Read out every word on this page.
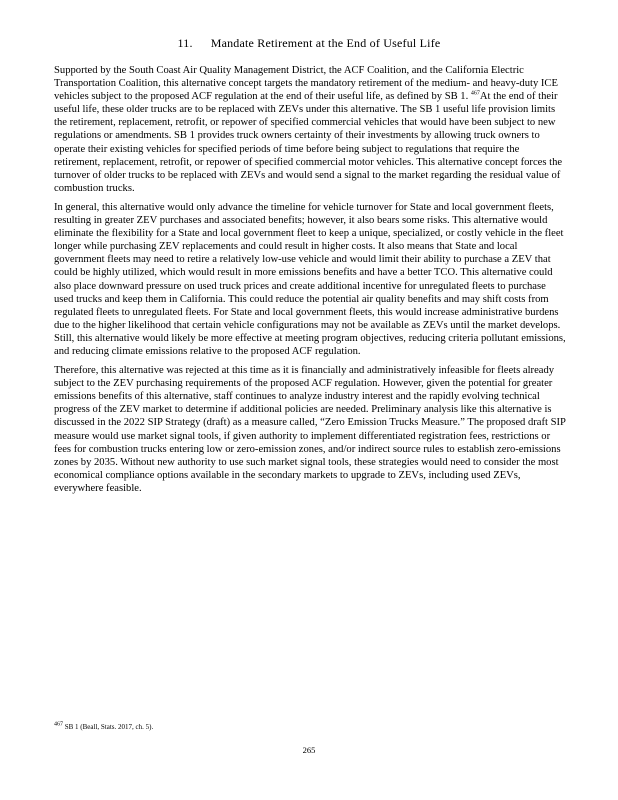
11. Mandate Retirement at the End of Useful Life

Supported by the South Coast Air Quality Management District, the ACF Coalition, and the California Electric Transportation Coalition, this alternative concept targets the mandatory retirement of the medium- and heavy-duty ICE vehicles subject to the proposed ACF regulation at the end of their useful life, as defined by SB 1. $^{467}$At the end of their useful life, these older trucks are to be replaced with ZEVs under this alternative. The SB 1 useful life provision limits the retirement, replacement, retrofit, or repower of specified commercial vehicles that would have been subject to new regulations or amendments. SB 1 provides truck owners certainty of their investments by allowing truck owners to operate their existing vehicles for specified periods of time before being subject to regulations that require the retirement, replacement, retrofit, or repower of specified commercial motor vehicles. This alternative concept forces the turnover of older trucks to be replaced with ZEVs and would send a signal to the market regarding the residual value of combustion trucks.

In general, this alternative would only advance the timeline for vehicle turnover for State and local government fleets, resulting in greater ZEV purchases and associated benefits; however, it also bears some risks. This alternative would eliminate the flexibility for a State and local government fleet to keep a unique, specialized, or costly vehicle in the fleet longer while purchasing ZEV replacements and could result in higher costs. It also means that State and local government fleets may need to retire a relatively low-use vehicle and would limit their ability to purchase a ZEV that could be highly utilized, which would result in more emissions benefits and have a better TCO. This alternative could also place downward pressure on used truck prices and create additional incentive for unregulated fleets to purchase used trucks and keep them in California. This could reduce the potential air quality benefits and may shift costs from regulated fleets to unregulated fleets. For State and local government fleets, this would increase administrative burdens due to the higher likelihood that certain vehicle configurations may not be available as ZEVs until the market develops. Still, this alternative would likely be more effective at meeting program objectives, reducing criteria pollutant emissions, and reducing climate emissions relative to the proposed ACF regulation.

Therefore, this alternative was rejected at this time as it is financially and administratively infeasible for fleets already subject to the ZEV purchasing requirements of the proposed ACF regulation. However, given the potential for greater emissions benefits of this alternative, staff continues to analyze industry interest and the rapidly evolving technical progress of the ZEV market to determine if additional policies are needed. Preliminary analysis like this alternative is discussed in the 2022 SIP Strategy (draft) as a measure called, “Zero Emission Trucks Measure.” The proposed draft SIP measure would use market signal tools, if given authority to implement differentiated registration fees, restrictions or fees for combustion trucks entering low or zero-emission zones, and/or indirect source rules to establish zero-emissions zones by 2035. Without new authority to use such market signal tools, these strategies would need to consider the most economical compliance options available in the secondary markets to upgrade to ZEVs, including used ZEVs, everywhere feasible.

$^{467}$ SB 1 (Beall, Stats. 2017, ch. 5).
265
